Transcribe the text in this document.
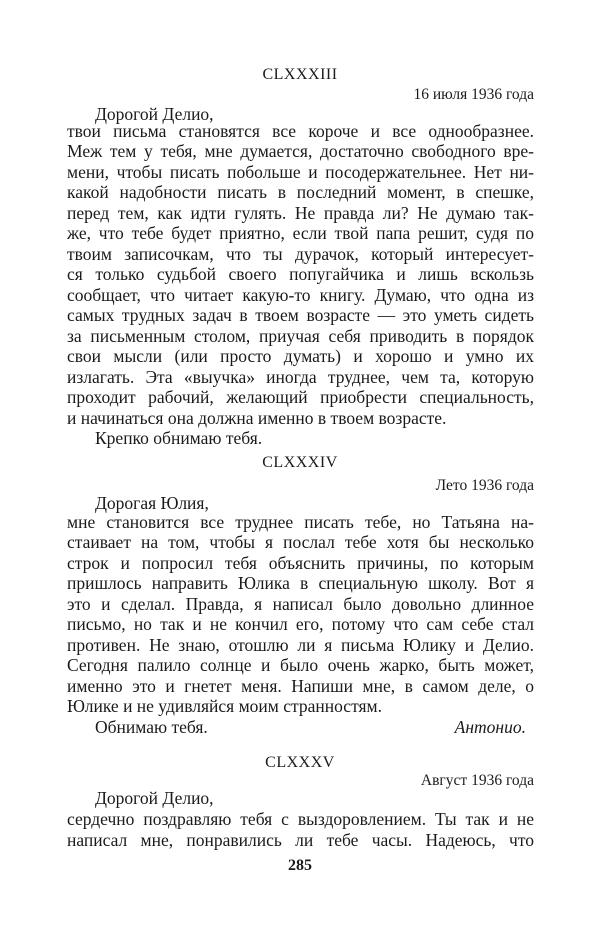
CLXXXIII
16 июля 1936 года
Дорогой Делио,
твои письма становятся все короче и все однообразнее.
Меж тем у тебя, мне думается, достаточно свободного вре-
мени, чтобы писать побольше и посодержательнее. Нет ни-
какой надобности писать в последний момент, в спешке,
перед тем, как идти гулять. Не правда ли? Не думаю так-
же, что тебе будет приятно, если твой папа решит, судя по
твоим записочкам, что ты дурачок, который интересует-
ся только судьбой своего попугайчика и лишь вскользь
сообщает, что читает какую-то книгу. Думаю, что одна из
самых трудных задач в твоем возрасте — это уметь сидеть
за письменным столом, приучая себя приводить в порядок
свои мысли (или просто думать) и хорошо и умно их
излагать. Эта «выучка» иногда труднее, чем та, которую
проходит рабочий, желающий приобрести специальность,
и начинаться она должна именно в твоем возрасте.
Крепко обнимаю тебя.
CLXXXIV
Лето 1936 года
Дорогая Юлия,
мне становится все труднее писать тебе, но Татьяна на-
стаивает на том, чтобы я послал тебе хотя бы несколько
строк и попросил тебя объяснить причины, по которым
пришлось направить Юлика в специальную школу. Вот я
это и сделал. Правда, я написал было довольно длинное
письмо, но так и не кончил его, потому что сам себе стал
противен. Не знаю, отошлю ли я письма Юлику и Делио.
Сегодня палило солнце и было очень жарко, быть может,
именно это и гнетет меня. Напиши мне, в самом деле, о
Юлике и не удивляйся моим странностям.
Обнимаю тебя.	Антонио.
CLXXXV
Август 1936 года
Дорогой Делио,
сердечно поздравляю тебя с выздоровлением. Ты так и не
написал мне, понравились ли тебе часы. Надеюсь, что
285
